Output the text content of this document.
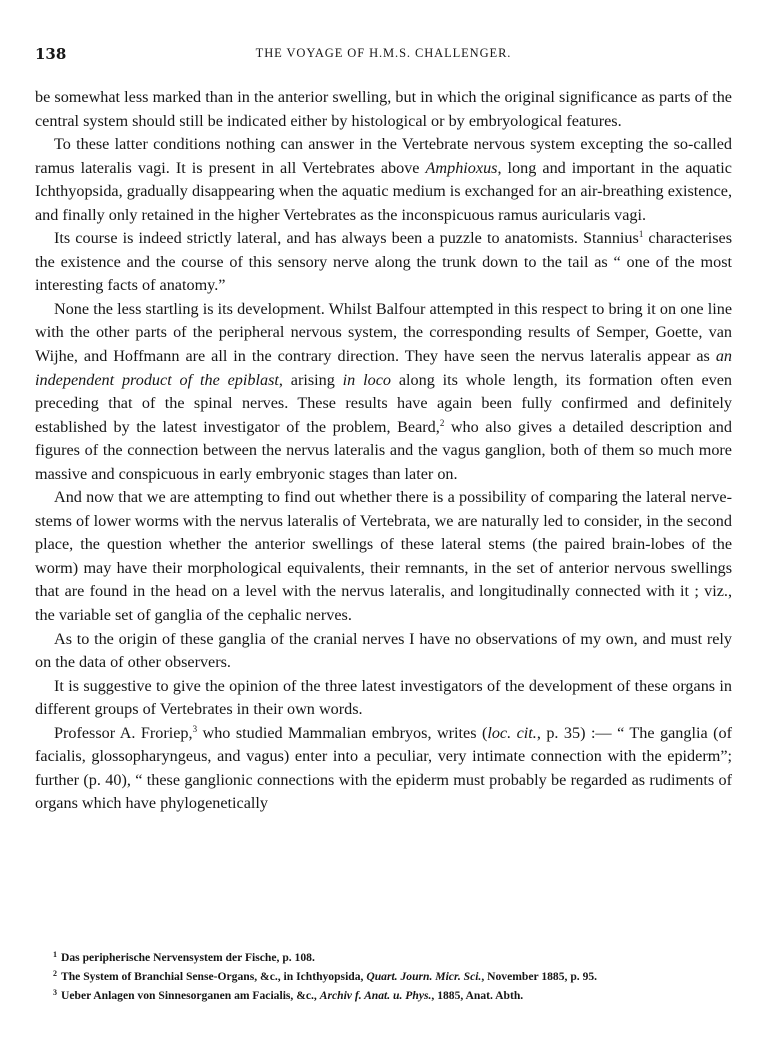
138	THE VOYAGE OF H.M.S. CHALLENGER.

be somewhat less marked than in the anterior swelling, but in which the original significance as parts of the central system should still be indicated either by histological or by embryological features.

To these latter conditions nothing can answer in the Vertebrate nervous system excepting the so-called ramus lateralis vagi. It is present in all Vertebrates above Amphioxus, long and important in the aquatic Ichthyopsida, gradually disappearing when the aquatic medium is exchanged for an air-breathing existence, and finally only retained in the higher Vertebrates as the inconspicuous ramus auricularis vagi.

Its course is indeed strictly lateral, and has always been a puzzle to anatomists. Stannius$^1$ characterises the existence and the course of this sensory nerve along the trunk down to the tail as “ one of the most interesting facts of anatomy.”

None the less startling is its development. Whilst Balfour attempted in this respect to bring it on one line with the other parts of the peripheral nervous system, the corresponding results of Semper, Goette, van Wijhe, and Hoffmann are all in the contrary direction. They have seen the nervus lateralis appear as an independent product of the epiblast, arising in loco along its whole length, its formation often even preceding that of the spinal nerves. These results have again been fully confirmed and definitely established by the latest investigator of the problem, Beard,$^2$ who also gives a detailed description and figures of the connection between the nervus lateralis and the vagus ganglion, both of them so much more massive and conspicuous in early embryonic stages than later on.

And now that we are attempting to find out whether there is a possibility of comparing the lateral nerve-stems of lower worms with the nervus lateralis of Vertebrata, we are naturally led to consider, in the second place, the question whether the anterior swellings of these lateral stems (the paired brain-lobes of the worm) may have their morphological equivalents, their remnants, in the set of anterior nervous swellings that are found in the head on a level with the nervus lateralis, and longitudinally connected with it ; viz., the variable set of ganglia of the cephalic nerves.

As to the origin of these ganglia of the cranial nerves I have no observations of my own, and must rely on the data of other observers.

It is suggestive to give the opinion of the three latest investigators of the development of these organs in different groups of Vertebrates in their own words.

Professor A. Froriep,$^3$ who studied Mammalian embryos, writes (loc. cit., p. 35) :— “ The ganglia (of facialis, glossopharyngeus, and vagus) enter into a peculiar, very intimate connection with the epiderm”; further (p. 40), “ these ganglionic connections with the epiderm must probably be regarded as rudiments of organs which have phylogenetically

1 Das peripherische Nervensystem der Fische, p. 108.
2 The System of Branchial Sense-Organs, &c., in Ichthyopsida, Quart. Journ. Micr. Sci., November 1885, p. 95.
3 Ueber Anlagen von Sinnesorganen am Facialis, &c., Archiv f. Anat. u. Phys., 1885, Anat. Abth.
